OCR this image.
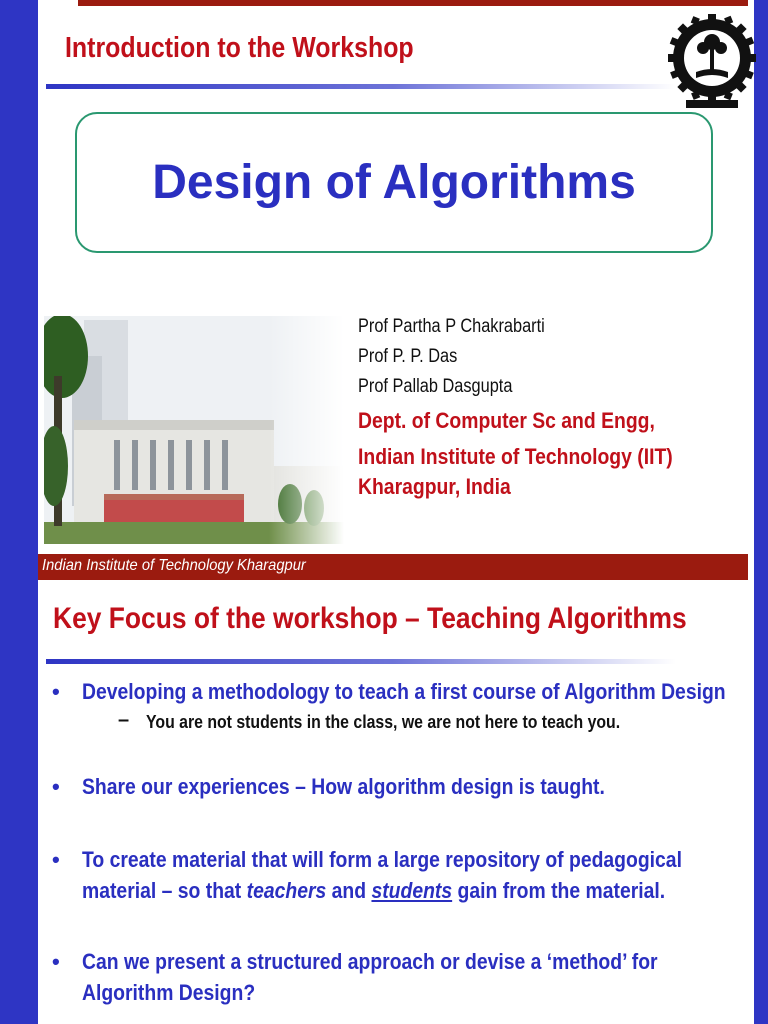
Introduction to the Workshop
Design of Algorithms
Prof Partha P Chakrabarti
Prof P. P. Das
Prof Pallab Dasgupta
Dept. of Computer Sc and Engg,
Indian Institute of Technology (IIT)
Kharagpur, India
Indian Institute of Technology Kharagpur
Key Focus of the workshop – Teaching Algorithms
• Developing a methodology to teach a first course of Algorithm Design
– You are not students in the class, we are not here to teach you.
• Share our experiences – How algorithm design is taught.
• To create material that will form a large repository of pedagogical material – so that teachers and students gain from the material.
• Can we present a structured approach or devise a ‘method’ for Algorithm Design?
